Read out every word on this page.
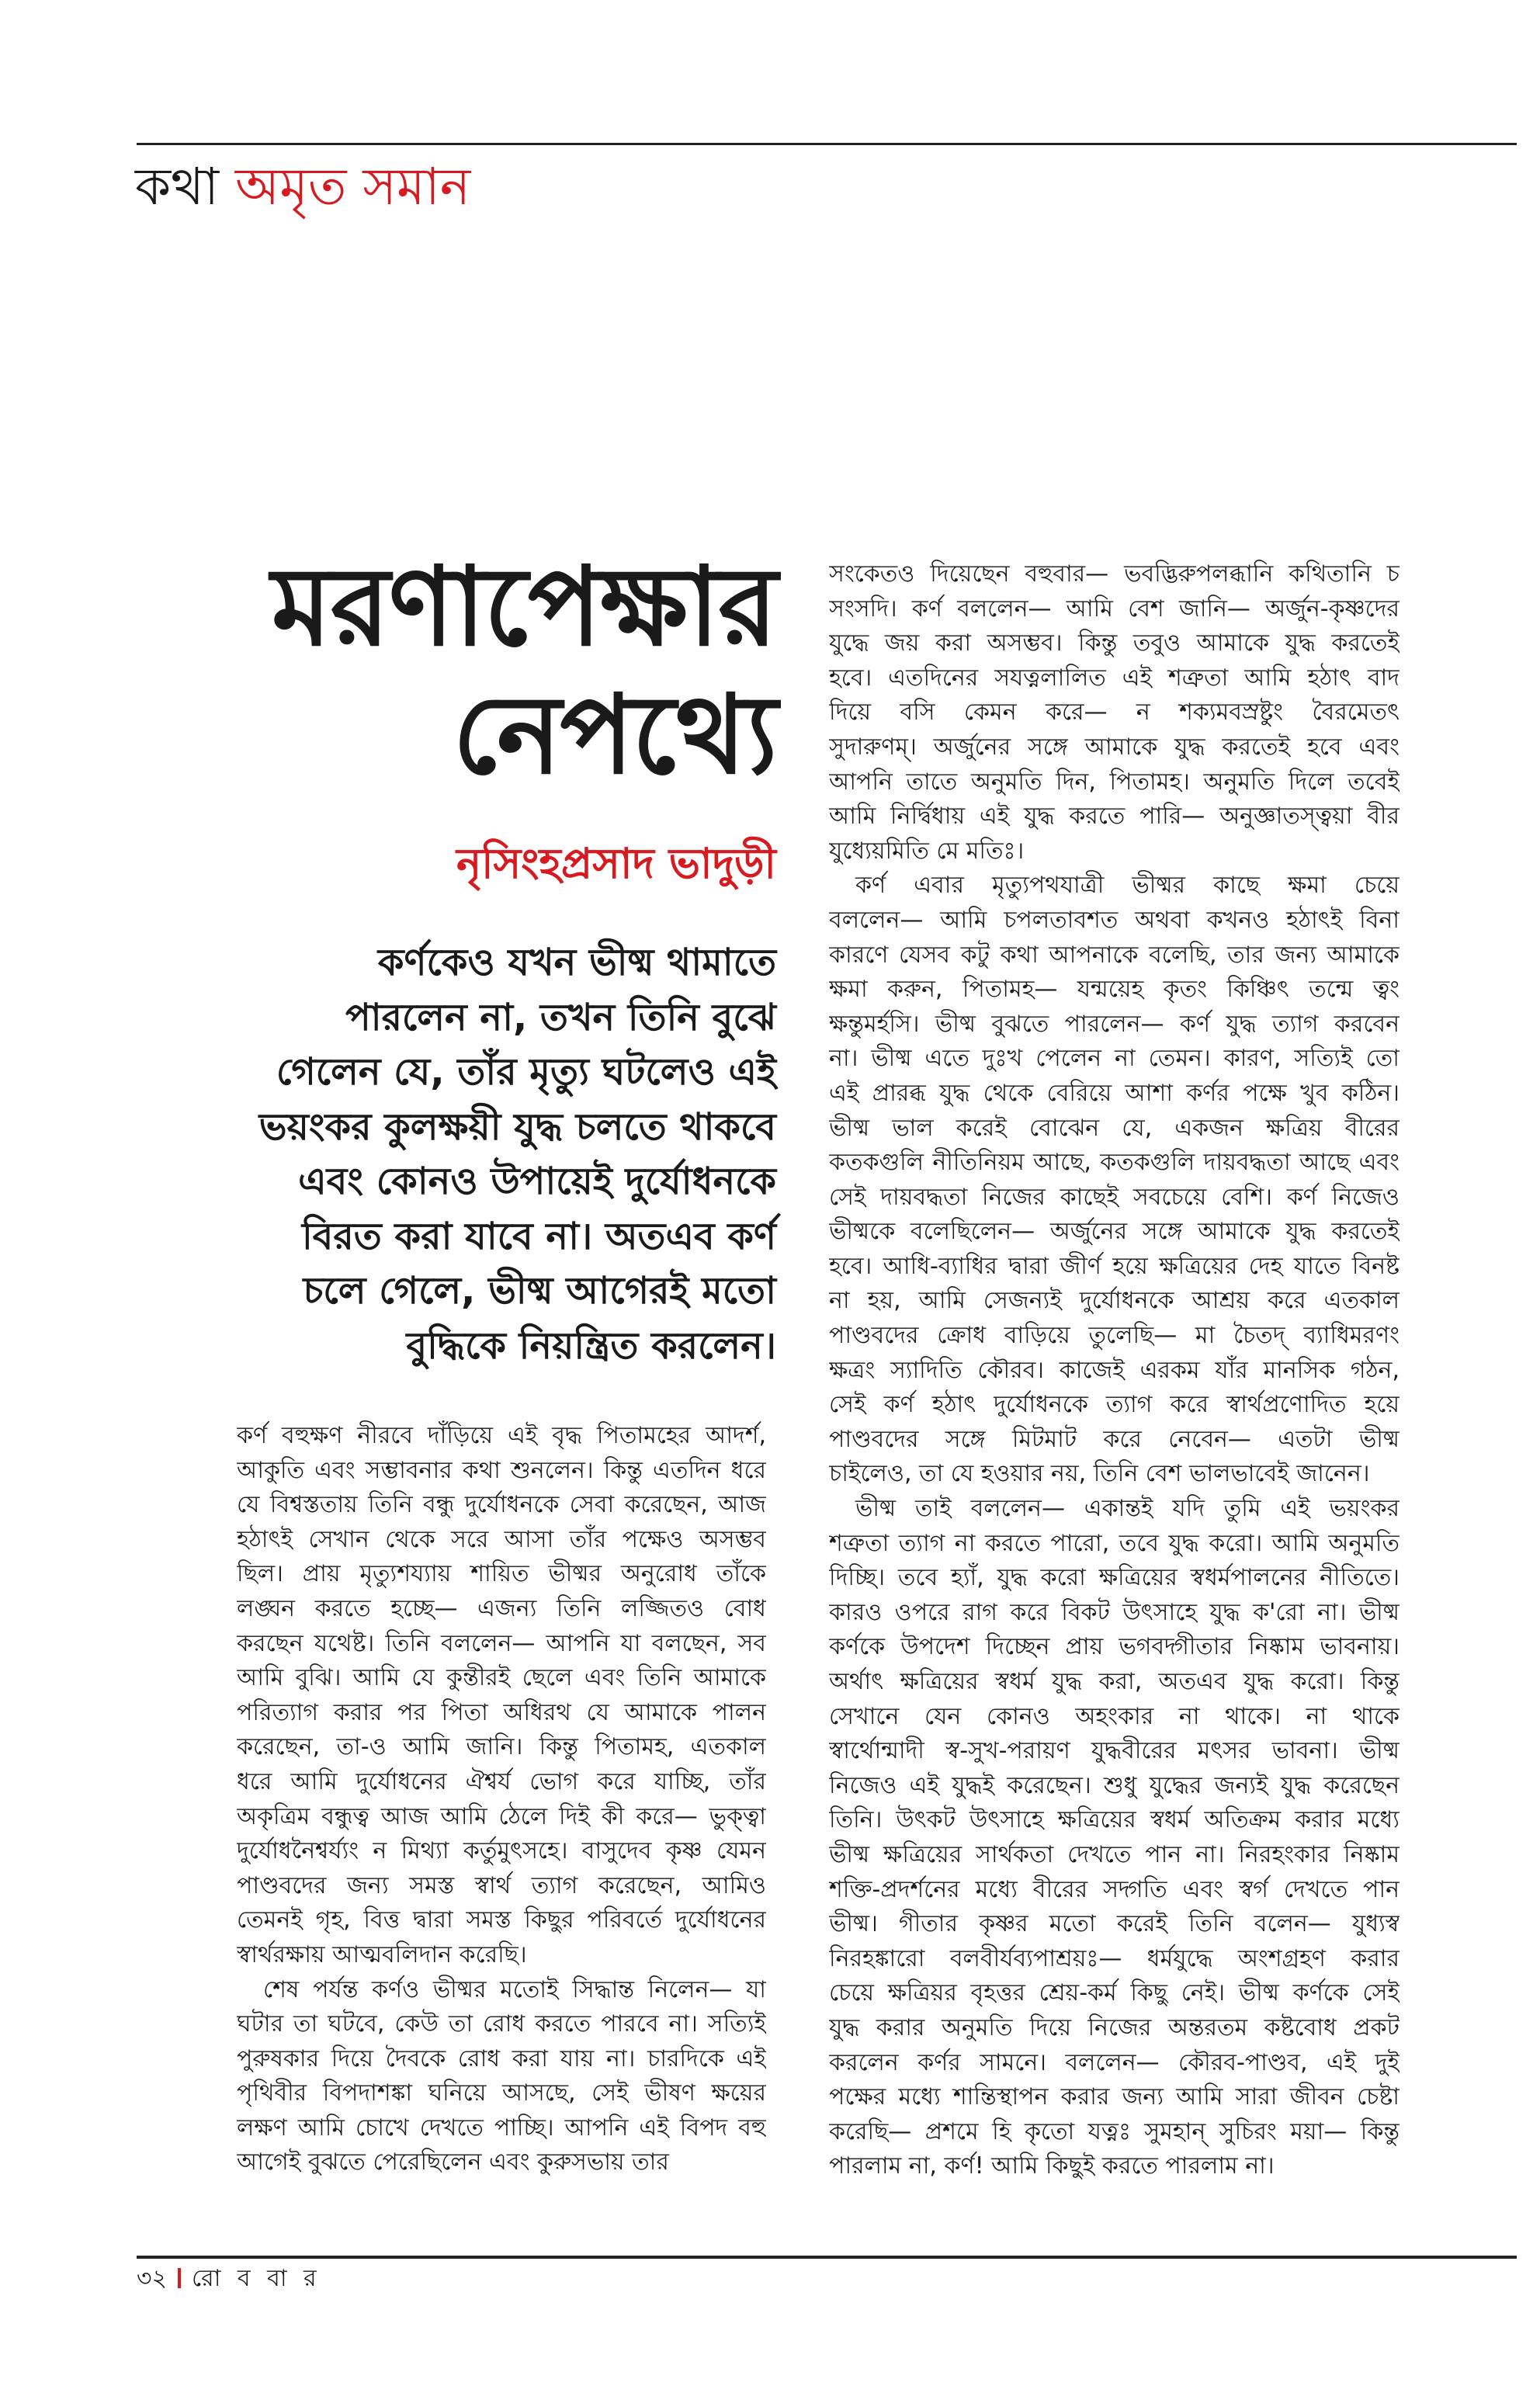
কথা অমৃত সমান
মরণাপেক্ষার
নেপথ্যে
নৃসিংহপ্রসাদ ভাদুড়ী
কর্ণকেও যখন ভীষ্ম থামাতে
পারলেন না, তখন তিনি বুঝে
গেলেন যে, তাঁর মৃত্যু ঘটলেও এই
ভয়ংকর কুলক্ষয়ী যুদ্ধ চলতে থাকবে
এবং কোনও উপায়েই দুর্যোধনকে
বিরত করা যাবে না। অতএব কর্ণ
চলে গেলে, ভীষ্ম আগেরই মতো
বুদ্ধিকে নিয়ন্ত্রিত করলেন।
কর্ণ বহুক্ষণ নীরবে দাঁড়িয়ে এই বৃদ্ধ পিতামহের আদর্শ,
আকুতি এবং সম্ভাবনার কথা শুনলেন। কিন্তু এতদিন ধরে
যে বিশ্বস্ততায় তিনি বন্ধু দুর্যোধনকে সেবা করেছেন, আজ
হঠাৎই সেখান থেকে সরে আসা তাঁর পক্ষেও অসম্ভব
ছিল। প্রায় মৃত্যুশয্যায় শায়িত ভীষ্মর অনুরোধ তাঁকে
লঙ্ঘন করতে হচ্ছে— এজন্য তিনি লজ্জিতও বোধ
করছেন যথেষ্ট। তিনি বললেন— আপনি যা বলছেন, সব
আমি বুঝি। আমি যে কুন্তীরই ছেলে এবং তিনি আমাকে
পরিত্যাগ করার পর পিতা অধিরথ যে আমাকে পালন
করেছেন, তা-ও আমি জানি। কিন্তু পিতামহ, এতকাল
ধরে আমি দুর্যোধনের ঐশ্বর্য ভোগ করে যাচ্ছি, তাঁর
অকৃত্রিম বন্ধুত্ব আজ আমি ঠেলে দিই কী করে— ভুক্ত্বা
দুর্যোধনৈশ্বর্য্যং ন মিথ্যা কর্তুমুৎসহে। বাসুদেব কৃষ্ণ যেমন
পাণ্ডবদের জন্য সমস্ত স্বার্থ ত্যাগ করেছেন, আমিও
তেমনই গৃহ, বিত্ত দ্বারা সমস্ত কিছুর পরিবর্তে দুর্যোধনের
স্বার্থরক্ষায় আত্মবলিদান করেছি।
শেষ পর্যন্ত কর্ণও ভীষ্মর মতোই সিদ্ধান্ত নিলেন— যা
ঘটার তা ঘটবে, কেউ তা রোধ করতে পারবে না। সত্যিই
পুরুষকার দিয়ে দৈবকে রোধ করা যায় না। চারদিকে এই
পৃথিবীর বিপদাশঙ্কা ঘনিয়ে আসছে, সেই ভীষণ ক্ষয়ের
লক্ষণ আমি চোখে দেখতে পাচ্ছি। আপনি এই বিপদ বহু
আগেই বুঝতে পেরেছিলেন এবং কুরুসভায় তার
সংকেতও দিয়েছেন বহুবার— ভবদ্ভিরুপলব্ধানি কথিতানি চ
সংসদি। কর্ণ বললেন— আমি বেশ জানি— অর্জুন-কৃষ্ণদের
যুদ্ধে জয় করা অসম্ভব। কিন্তু তবুও আমাকে যুদ্ধ করতেই
হবে। এতদিনের সযত্নলালিত এই শত্রুতা আমি হঠাৎ বাদ
দিয়ে বসি কেমন করে— ন শক্যমবস্রষ্টুং বৈরমেতৎ
সুদারুণম্। অর্জুনের সঙ্গে আমাকে যুদ্ধ করতেই হবে এবং
আপনি তাতে অনুমতি দিন, পিতামহ। অনুমতি দিলে তবেই
আমি নির্দ্বিধায় এই যুদ্ধ করতে পারি— অনুজ্ঞাতস্ত্বয়া বীর
যুধ্যেয়মিতি মে মতিঃ।
কর্ণ এবার মৃত্যুপথযাত্রী ভীষ্মর কাছে ক্ষমা চেয়ে
বললেন— আমি চপলতাবশত অথবা কখনও হঠাৎই বিনা
কারণে যেসব কটু কথা আপনাকে বলেছি, তার জন্য আমাকে
ক্ষমা করুন, পিতামহ— যন্ময়েহ কৃতং কিঞ্চিৎ তন্মে ত্বং
ক্ষন্তুমর্হসি। ভীষ্ম বুঝতে পারলেন— কর্ণ যুদ্ধ ত্যাগ করবেন
না। ভীষ্ম এতে দুঃখ পেলেন না তেমন। কারণ, সত্যিই তো
এই প্রারব্ধ যুদ্ধ থেকে বেরিয়ে আশা কর্ণর পক্ষে খুব কঠিন।
ভীষ্ম ভাল করেই বোঝেন যে, একজন ক্ষত্রিয় বীরের
কতকগুলি নীতিনিয়ম আছে, কতকগুলি দায়বদ্ধতা আছে এবং
সেই দায়বদ্ধতা নিজের কাছেই সবচেয়ে বেশি। কর্ণ নিজেও
ভীষ্মকে বলেছিলেন— অর্জুনের সঙ্গে আমাকে যুদ্ধ করতেই
হবে। আধি-ব্যাধির দ্বারা জীর্ণ হয়ে ক্ষত্রিয়ের দেহ যাতে বিনষ্ট
না হয়, আমি সেজন্যই দুর্যোধনকে আশ্রয় করে এতকাল
পাণ্ডবদের ক্রোধ বাড়িয়ে তুলেছি— মা চৈতদ্ ব্যাধিমরণং
ক্ষত্রং স্যাদিতি কৌরব। কাজেই এরকম যাঁর মানসিক গঠন,
সেই কর্ণ হঠাৎ দুর্যোধনকে ত্যাগ করে স্বার্থপ্রণোদিত হয়ে
পাণ্ডবদের সঙ্গে মিটমাট করে নেবেন— এতটা ভীষ্ম
চাইলেও, তা যে হওয়ার নয়, তিনি বেশ ভালভাবেই জানেন।
ভীষ্ম তাই বললেন— একান্তই যদি তুমি এই ভয়ংকর
শত্রুতা ত্যাগ না করতে পারো, তবে যুদ্ধ করো। আমি অনুমতি
দিচ্ছি। তবে হ্যাঁ, যুদ্ধ করো ক্ষত্রিয়ের স্বধর্মপালনের নীতিতে।
কারও ওপরে রাগ করে বিকট উৎসাহে যুদ্ধ ক'রো না। ভীষ্ম
কর্ণকে উপদেশ দিচ্ছেন প্রায় ভগবদ্গীতার নিষ্কাম ভাবনায়।
অর্থাৎ ক্ষত্রিয়ের স্বধর্ম যুদ্ধ করা, অতএব যুদ্ধ করো। কিন্তু
সেখানে যেন কোনও অহংকার না থাকে। না থাকে
স্বার্থোন্মাদী স্ব-সুখ-পরায়ণ যুদ্ধবীরের মৎসর ভাবনা। ভীষ্ম
নিজেও এই যুদ্ধই করেছেন। শুধু যুদ্ধের জন্যই যুদ্ধ করেছেন
তিনি। উৎকট উৎসাহে ক্ষত্রিয়ের স্বধর্ম অতিক্রম করার মধ্যে
ভীষ্ম ক্ষত্রিয়ের সার্থকতা দেখতে পান না। নিরহংকার নিষ্কাম
শক্তি-প্রদর্শনের মধ্যে বীরের সদ্গতি এবং স্বর্গ দেখতে পান
ভীষ্ম। গীতার কৃষ্ণর মতো করেই তিনি বলেন— যুধ্যস্ব
নিরহঙ্কারো বলবীর্যব্যপাশ্রয়ঃ— ধর্মযুদ্ধে অংশগ্রহণ করার
চেয়ে ক্ষত্রিয়র বৃহত্তর শ্রেয়-কর্ম কিছু নেই। ভীষ্ম কর্ণকে সেই
যুদ্ধ করার অনুমতি দিয়ে নিজের অন্তরতম কষ্টবোধ প্রকট
করলেন কর্ণর সামনে। বললেন— কৌরব-পাণ্ডব, এই দুই
পক্ষের মধ্যে শান্তিস্থাপন করার জন্য আমি সারা জীবন চেষ্টা
করেছি— প্রশমে হি কৃতো যত্নঃ সুমহান্ সুচিরং ময়া— কিন্তু
পারলাম না, কর্ণ! আমি কিছুই করতে পারলাম না।
৩২ রো ব বা র
